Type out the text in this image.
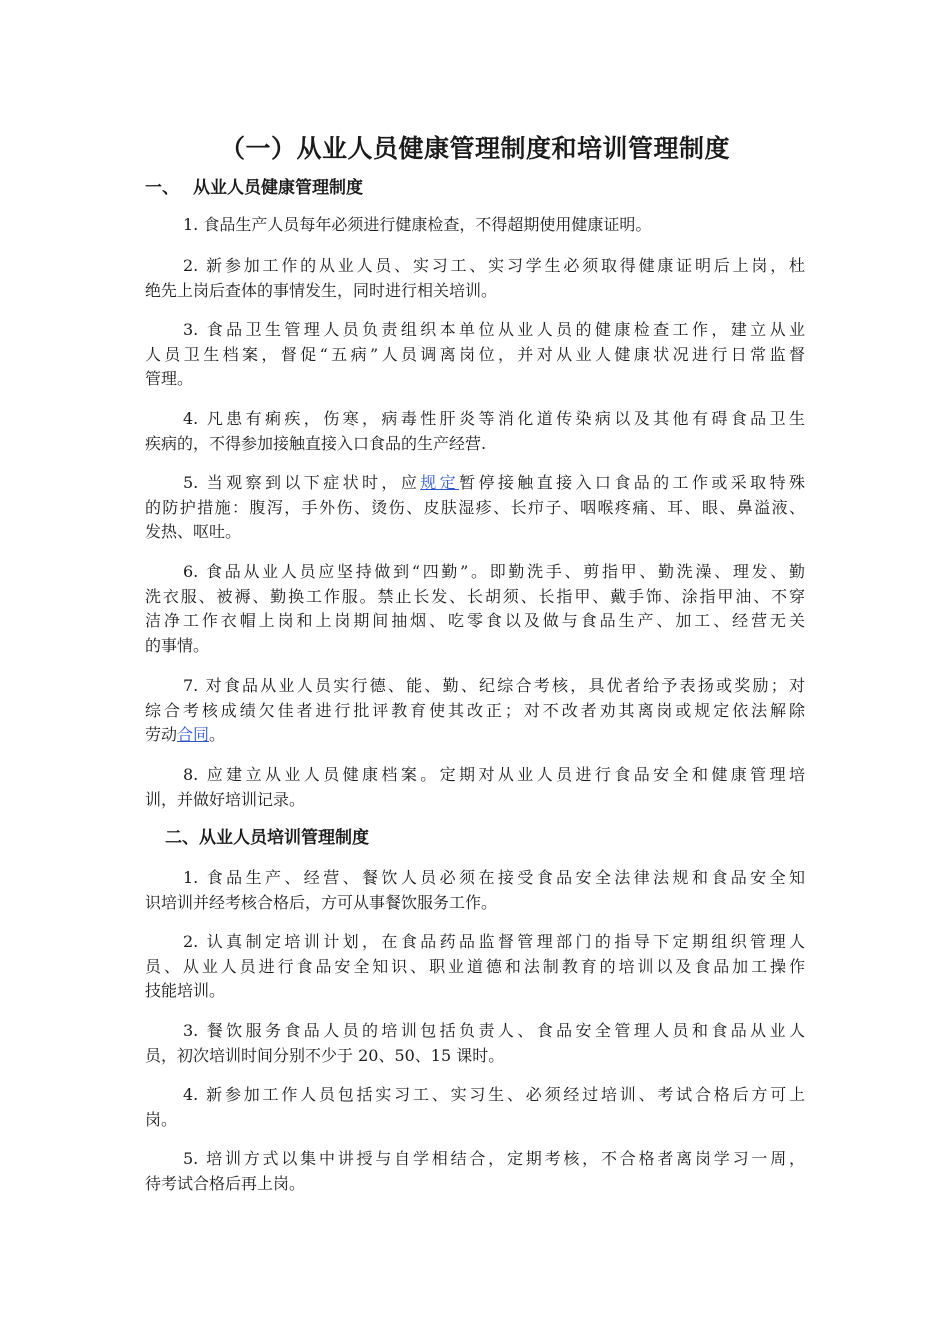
（一）从业人员健康管理制度和培训管理制度
一、 从业人员健康管理制度

1. 食品生产人员每年必须进行健康检查，不得超期使用健康证明。

2. 新参加工作的从业人员、实习工、实习学生必须取得健康证明后上岗，杜
绝先上岗后查体的事情发生，同时进行相关培训。

3. 食品卫生管理人员负责组织本单位从业人员的健康检查工作，建立从业
人员卫生档案，督促“五病”人员调离岗位，并对从业人健康状况进行日常监督
管理。

4. 凡患有痢疾，伤寒，病毒性肝炎等消化道传染病以及其他有碍食品卫生
疾病的，不得参加接触直接入口食品的生产经营.

5. 当观察到以下症状时，应规定暂停接触直接入口食品的工作或采取特殊
的防护措施：腹泻，手外伤、烫伤、皮肤湿疹、长疖子、咽喉疼痛、耳、眼、鼻溢液、
发热、呕吐。

6. 食品从业人员应坚持做到“四勤”。即勤洗手、剪指甲、勤洗澡、理发、勤
洗衣服、被褥、勤换工作服。禁止长发、长胡须、长指甲、戴手饰、涂指甲油、不穿
洁净工作衣帽上岗和上岗期间抽烟、吃零食以及做与食品生产、加工、经营无关
的事情。

7. 对食品从业人员实行德、能、勤、纪综合考核，具优者给予表扬或奖励；对
综合考核成绩欠佳者进行批评教育使其改正；对不改者劝其离岗或规定依法解除
劳动合同。

8. 应建立从业人员健康档案。定期对从业人员进行食品安全和健康管理培
训，并做好培训记录。

二、从业人员培训管理制度

1. 食品生产、经营、餐饮人员必须在接受食品安全法律法规和食品安全知
识培训并经考核合格后，方可从事餐饮服务工作。

2. 认真制定培训计划，在食品药品监督管理部门的指导下定期组织管理人
员、从业人员进行食品安全知识、职业道德和法制教育的培训以及食品加工操作
技能培训。

3. 餐饮服务食品人员的培训包括负责人、食品安全管理人员和食品从业人
员，初次培训时间分别不少于 20、50、15 课时。

4. 新参加工作人员包括实习工、实习生、必须经过培训、考试合格后方可上
岗。

5. 培训方式以集中讲授与自学相结合，定期考核，不合格者离岗学习一周，
待考试合格后再上岗。
